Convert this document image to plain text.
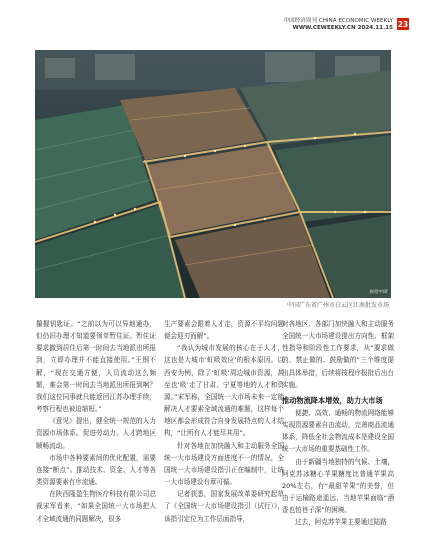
中国经济周刊 CHINA ECONOMIC WEEKLY
WWW.CEWEEKLY.CN 2024.11.15 23
视觉中国
中国广东省广州市白云区江南批发市场

攥握钥匙证。“之前以为可以异地通办，但仍旧办理才知道要领单暂住证。暂住证要求撤到居住后第一时间去当地派出所报到，立即办理并不能直接使用。”王钢不解，“现在交通方便，人员流动这么频繁，难会第一时间去当地派出所报到啊？我们这位同事就只能返回江苏办理手续，考察行程也被迫缩短。”

《意见》提出，健全统一规范的人力资源市场体系。促进劳动力、人才跨地区顺畅流动。

市场中各种要素间的优化配置，需要连接“断点”。推动技术、资金、人才等各类资源要素有序流通。

在陕西隆盈生物医疗科技有限公司总裁宋军看来，“如果全国统一大市场把人才全域流通的同题解决，很多

生产要素会跟着人才走，资源不平均问题便会迎刃而解”。

“我认为城市发展的核心在于人才，这也是大城市‘虹吸效应’的根本原因。以西安为例，除了‘虹吸’周边城市资源，甚至也‘吸’走了甘肃、宁夏等地的人才和资源。”宋军称，全国统一大市场未来一定能解决人才要素全域流通的难题，这样每个地区都会形成符合自身发展特点的人才结构，“让所有人才能尽其用”。

针对各地在加快融入和主动服务全国统一大市场建设方面进度不一的情况，全国统一大市场建设指引正在编制中，让统一大市场建设有章可循。

记者获悉，国家发展改革委研究起草了《全国统一大市场建设指引（试行）》，该指引定位为工作层面指导，

对各地区、各部门加快融入和主动服务全国统一大市场建设提出方向性、框架性指导和阶段性工作要求，从“要求做的、禁止做的、鼓励做的”三个维度提出具体举措，后续将按程序报批后出台实施。

推动物流降本增效，助力大市场

便捷、高效、通畅的物流网络能够实现资源要素自由流动，完善商品流通体系，降低全社会物流成本是建设全国统一大市场的重要基础性工作。

由于新疆当地独特的气候、土壤，阿克苏冰糖心苹果糖度比普通苹果高20%左右，有“最甜苹果”的美誉，但由于运输路途遥远，当地苹果面临“酒香也怕巷子深”的困境。

过去，阿克苏苹果主要通过陆路
